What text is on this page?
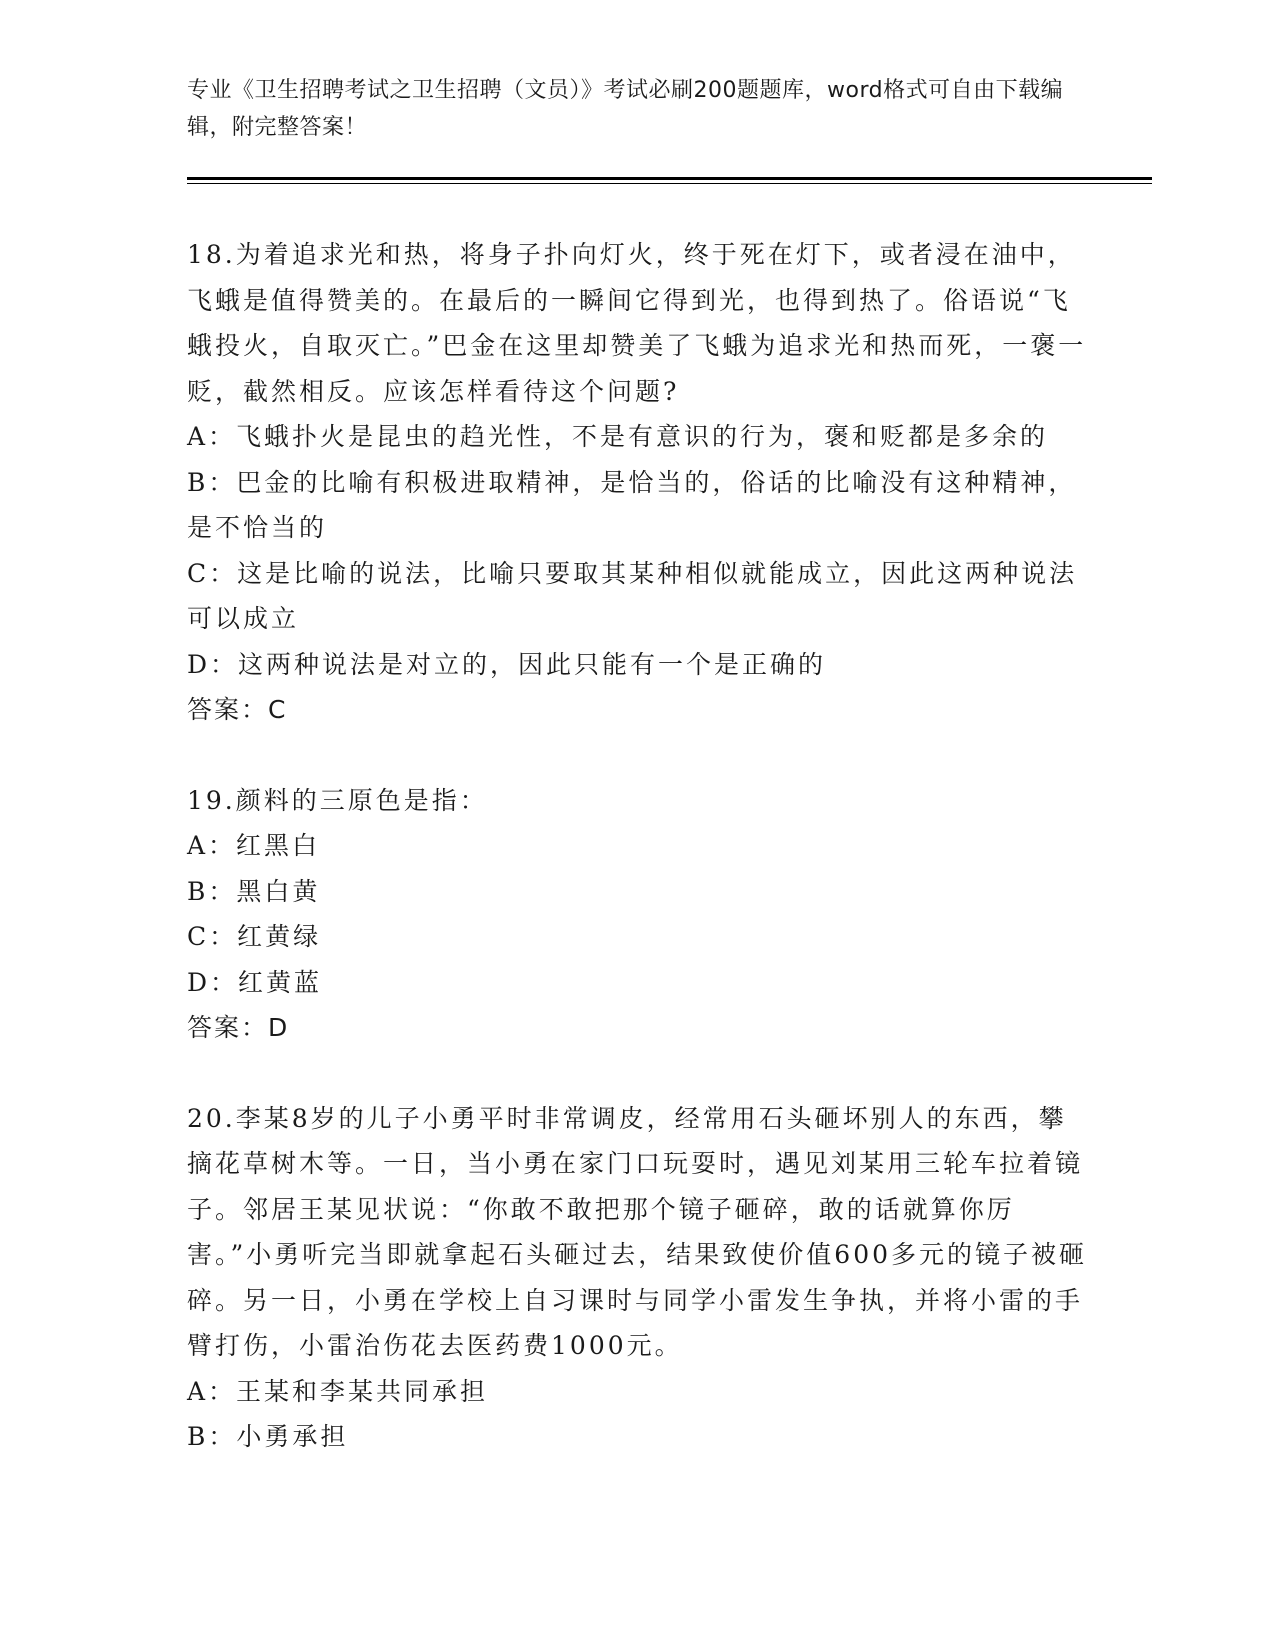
专业《卫生招聘考试之卫生招聘（文员）》考试必刷200题题库，word格式可自由下载编辑，附完整答案！

18.为着追求光和热，将身子扑向灯火，终于死在灯下，或者浸在油中，飞蛾是值得赞美的。在最后的一瞬间它得到光，也得到热了。俗语说“飞蛾投火，自取灭亡。”巴金在这里却赞美了飞蛾为追求光和热而死，一褒一贬，截然相反。应该怎样看待这个问题?

A：飞蛾扑火是昆虫的趋光性，不是有意识的行为，褒和贬都是多余的

B：巴金的比喻有积极进取精神，是恰当的，俗话的比喻没有这种精神，是不恰当的

C：这是比喻的说法，比喻只要取其某种相似就能成立，因此这两种说法可以成立

D：这两种说法是对立的，因此只能有一个是正确的

答案：C

19.颜料的三原色是指：

A：红黑白

B：黑白黄

C：红黄绿

D：红黄蓝

答案：D

20.李某8岁的儿子小勇平时非常调皮，经常用石头砸坏别人的东西，攀摘花草树木等。一日，当小勇在家门口玩耍时，遇见刘某用三轮车拉着镜子。邻居王某见状说：“你敢不敢把那个镜子砸碎，敢的话就算你厉害。”小勇听完当即就拿起石头砸过去，结果致使价值600多元的镜子被砸碎。另一日，小勇在学校上自习课时与同学小雷发生争执，并将小雷的手臂打伤，小雷治伤花去医药费1000元。

A：王某和李某共同承担

B：小勇承担
